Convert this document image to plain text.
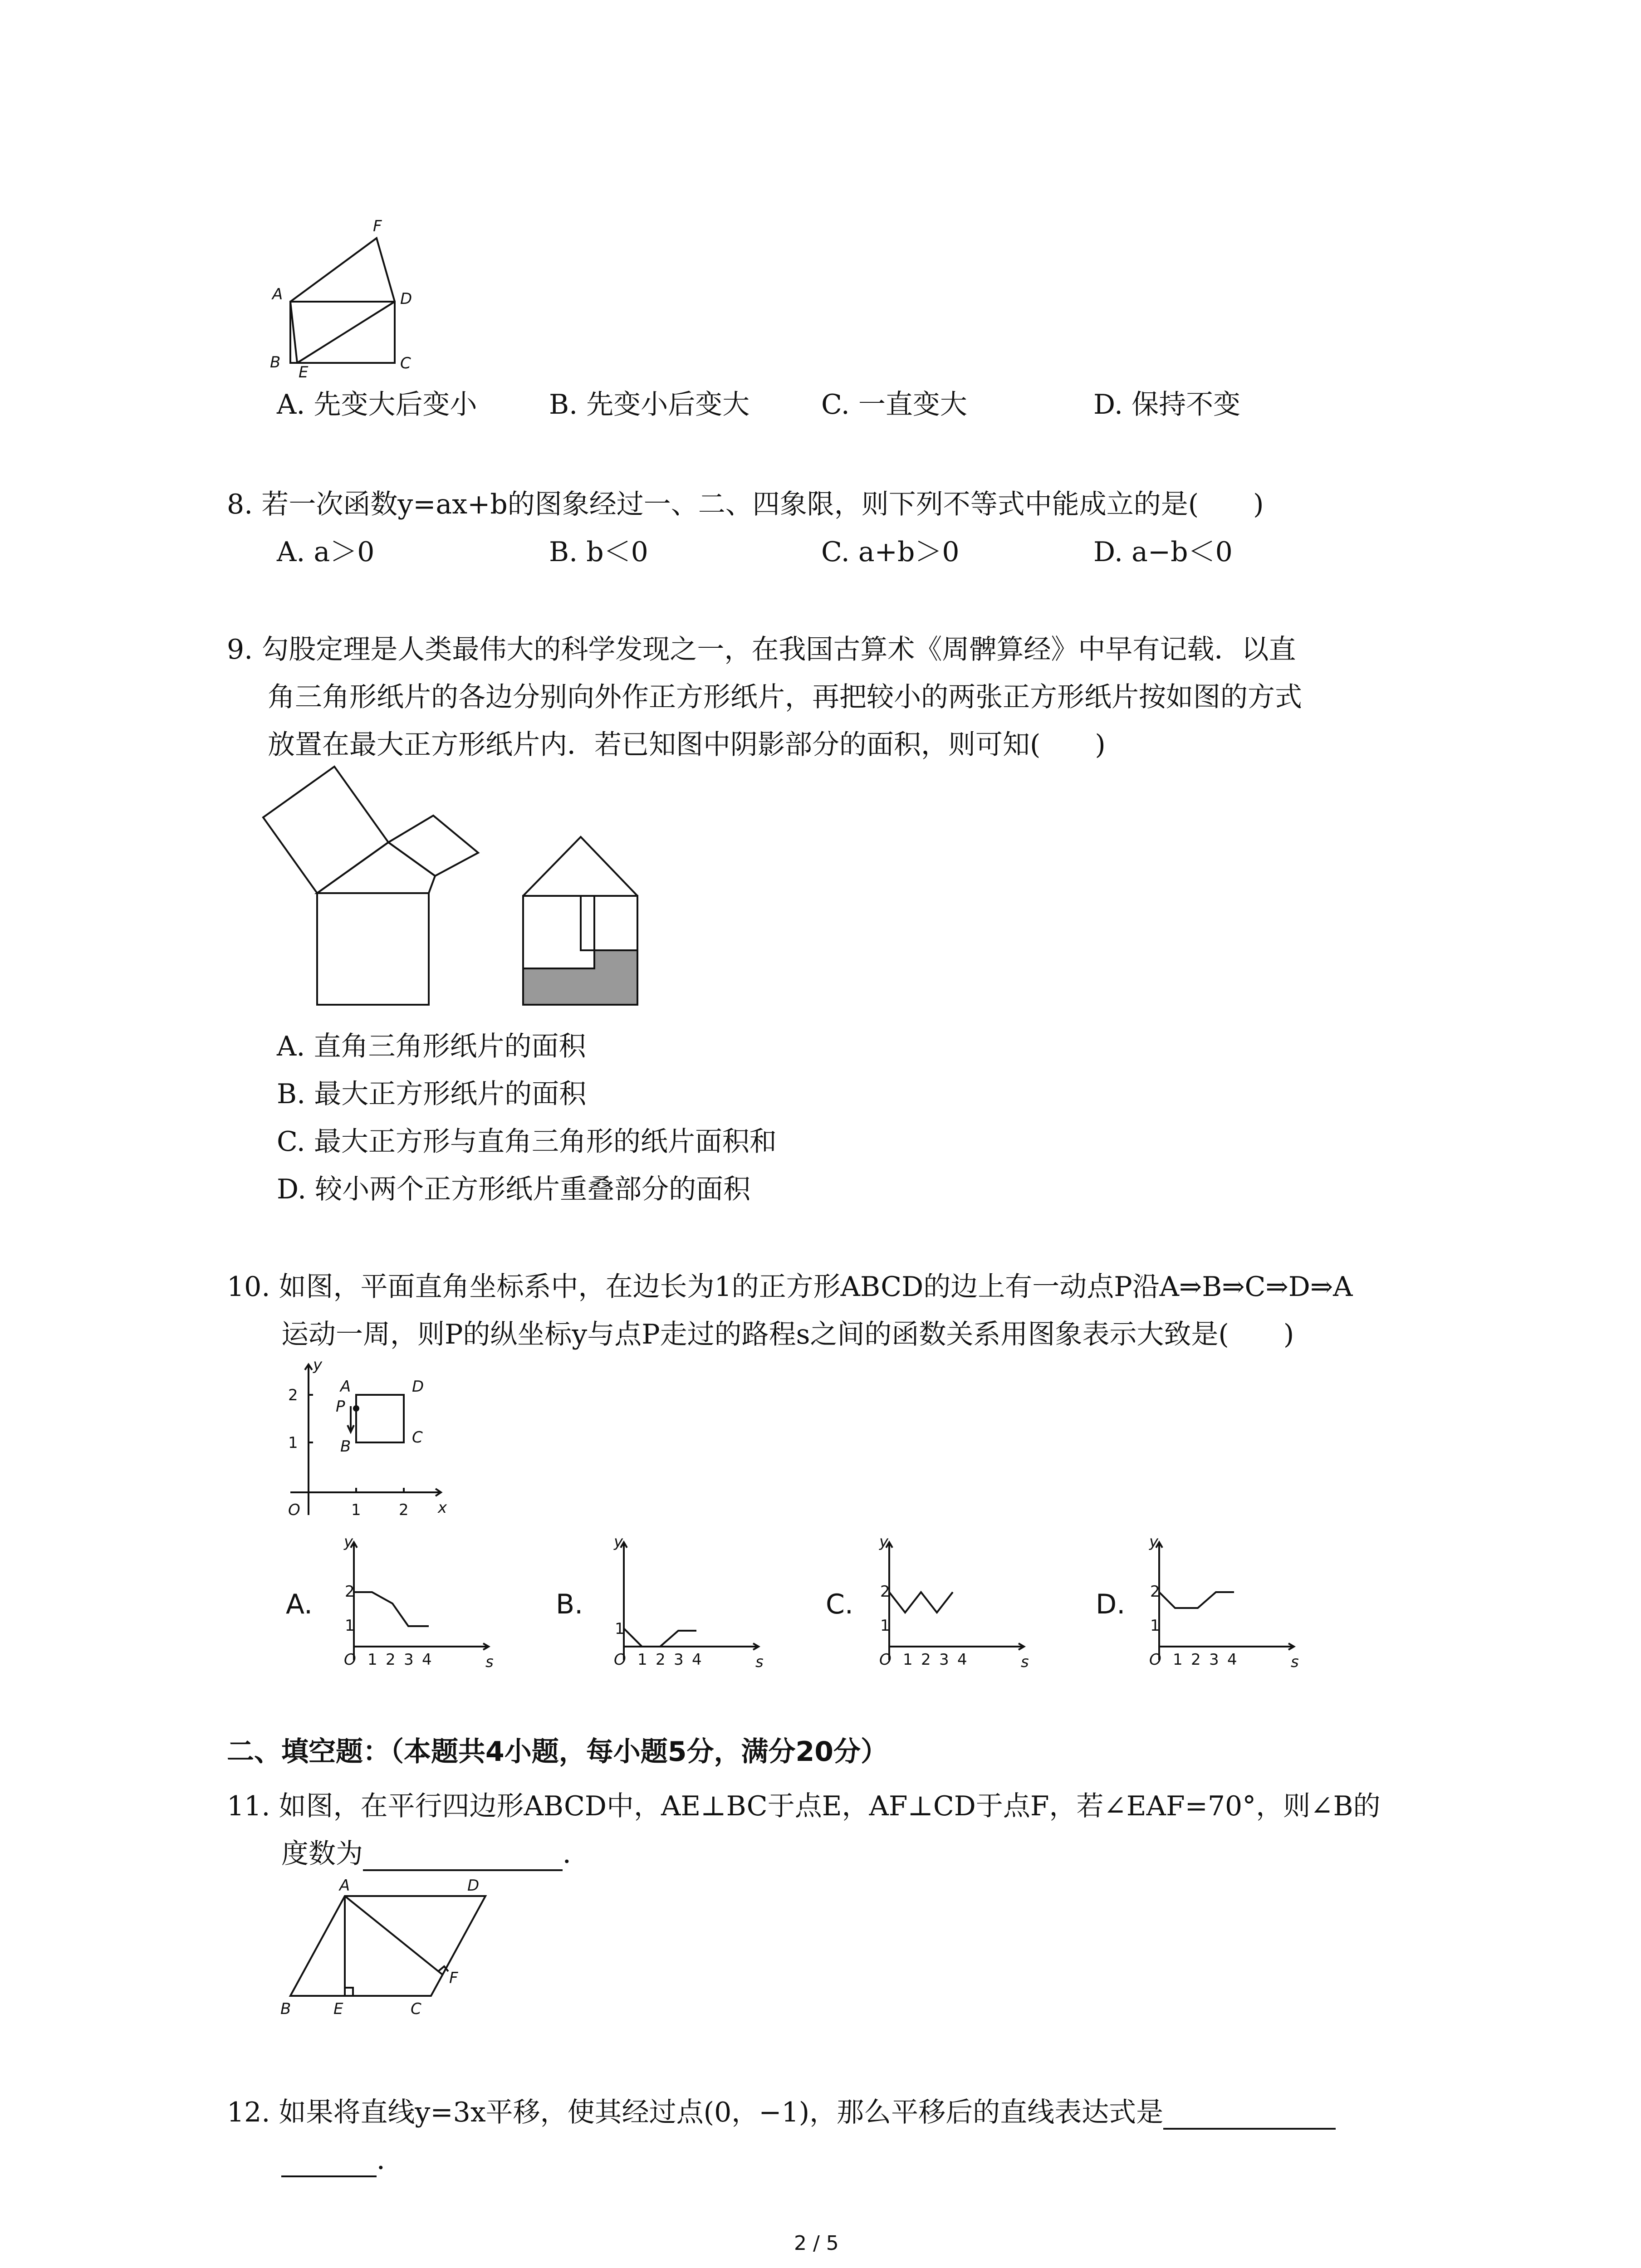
F
A	D
B
E	C
A. 先变大后变小	B. 先变小后变大	C. 一直变大	D. 保持不变
8. 若一次函数y=ax+b的图象经过一、二、四象限，则下列不等式中能成立的是(　　)
A. a＞0	B. b＜0	C. a+b＞0	D. a−b＜0
9. 勾股定理是人类最伟大的科学发现之一，在我国古算术《周髀算经》中早有记载．以直
角三角形纸片的各边分别向外作正方形纸片，再把较小的两张正方形纸片按如图的方式
放置在最大正方形纸片内．若已知图中阴影部分的面积，则可知(　　)
A. 直角三角形纸片的面积
B. 最大正方形纸片的面积
C. 最大正方形与直角三角形的纸片面积和
D. 较小两个正方形纸片重叠部分的面积
10. 如图，平面直角坐标系中，在边长为1的正方形ABCD的边上有一动点P沿A⇒B⇒C⇒D⇒A
运动一周，则P的纵坐标y与点P走过的路程s之间的函数关系用图象表示大致是(　　)
y
x
O
2
1
1 2
A
P
B
D
C
A.	B.	C.	D.
y
2
1
O 1 2 3 4	s
y
1
O 1 2 3 4	s
y
2
1
O 1 2 3 4	s
y
2
1
O 1 2 3 4	s
二、填空题：（本题共4小题，每小题5分，满分20分）
11. 如图，在平行四边形ABCD中，AE⊥BC于点E，AF⊥CD于点F，若∠EAF=70°，则∠B的
度数为	．
A	D
B	E	C
F
12. 如果将直线y=3x平移，使其经过点(0，−1)，那么平移后的直线表达式是
．
2 / 5
